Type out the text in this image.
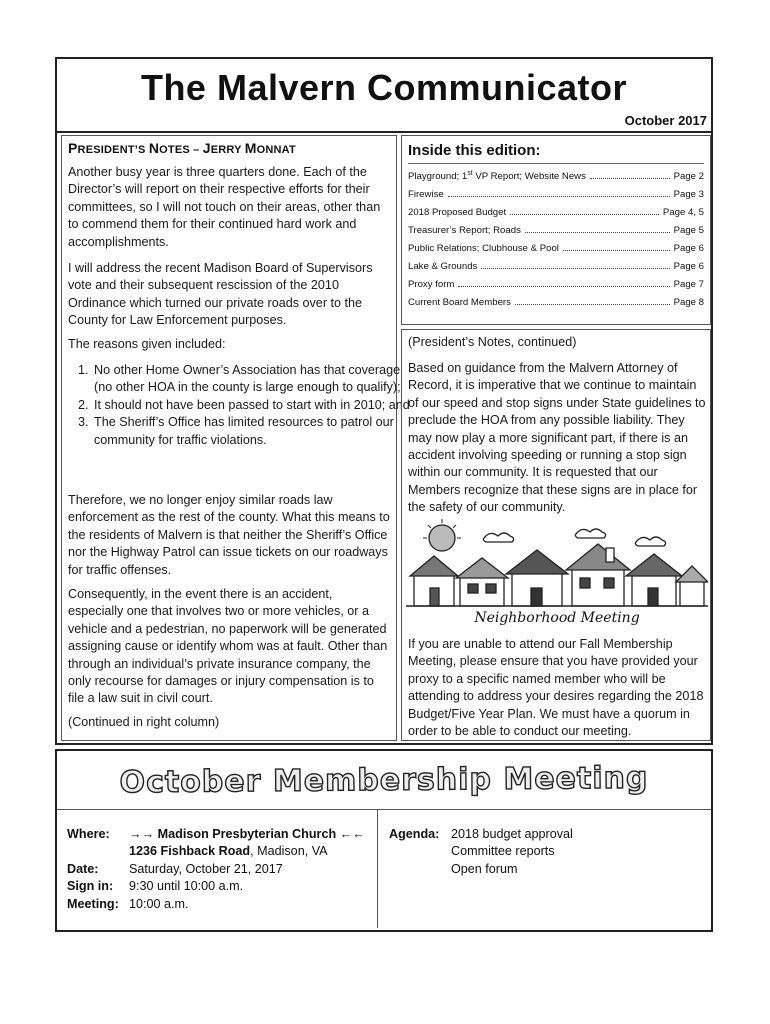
The Malvern Communicator
October 2017
PRESIDENT’S NOTES – JERRY MONNAT

Another busy year is three quarters done. Each of the Director’s will report on their respective efforts for their committees, so I will not touch on their areas, other than to commend them for their continued hard work and accomplishments.

I will address the recent Madison Board of Supervisors vote and their subsequent rescission of the 2010 Ordinance which turned our private roads over to the County for Law Enforcement purposes.

The reasons given included:

1. No other Home Owner’s Association has that coverage (no other HOA in the county is large enough to qualify);
2. It should not have been passed to start with in 2010; and
3. The Sheriff’s Office has limited resources to patrol our community for traffic violations.

Therefore, we no longer enjoy similar roads law enforcement as the rest of the county. What this means to the residents of Malvern is that neither the Sheriff’s Office nor the Highway Patrol can issue tickets on our roadways for traffic offenses.

Consequently, in the event there is an accident, especially one that involves two or more vehicles, or a vehicle and a pedestrian, no paperwork will be generated assigning cause or identify whom was at fault. Other than through an individual’s private insurance company, the only recourse for damages or injury compensation is to file a law suit in civil court.

(Continued in right column)

Inside this edition:
Playground; 1st VP Report; Website News	Page 2
Firewise	Page 3
2018 Proposed Budget	Page 4, 5
Treasurer’s Report; Roads	Page 5
Public Relations; Clubhouse & Pool	Page 6
Lake & Grounds	Page 6
Proxy form	Page 7
Current Board Members	Page 8
(President’s Notes, continued)

Based on guidance from the Malvern Attorney of Record, it is imperative that we continue to maintain of our speed and stop signs under State guidelines to preclude the HOA from any possible liability. They may now play a more significant part, if there is an accident involving speeding or running a stop sign within our community. It is requested that our Members recognize that these signs are in place for the safety of our community.

Neighborhood Meeting

If you are unable to attend our Fall Membership Meeting, please ensure that you have provided your proxy to a specific named member who will be attending to address your desires regarding the 2018 Budget/Five Year Plan. We must have a quorum in order to be able to conduct our meeting.

October Membership Meeting
Where:	→→ Madison Presbyterian Church ←←
1236 Fishback Road, Madison, VA
Date:	Saturday, October 21, 2017
Sign in:	9:30 until 10:00 a.m.
Meeting: 10:00 a.m.
Agenda: 2018 budget approval
Committee reports
Open forum
